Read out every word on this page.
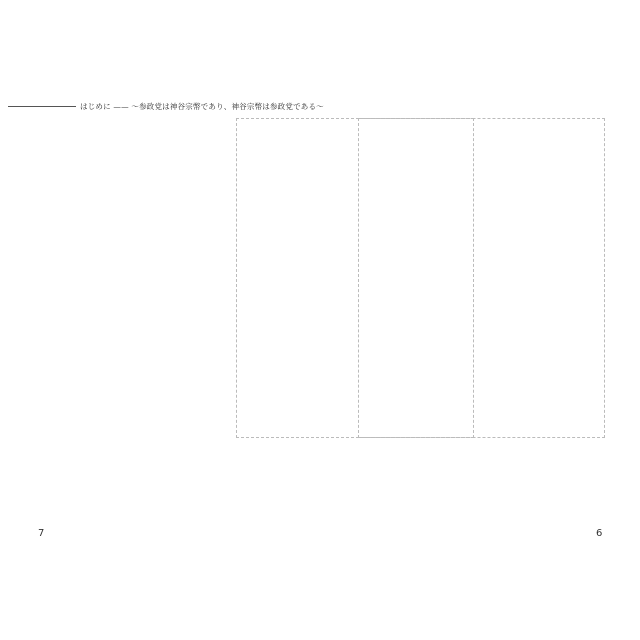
はじめに —— ～参政党は神谷宗幣であり、神谷宗幣は参政党である～
7	6
